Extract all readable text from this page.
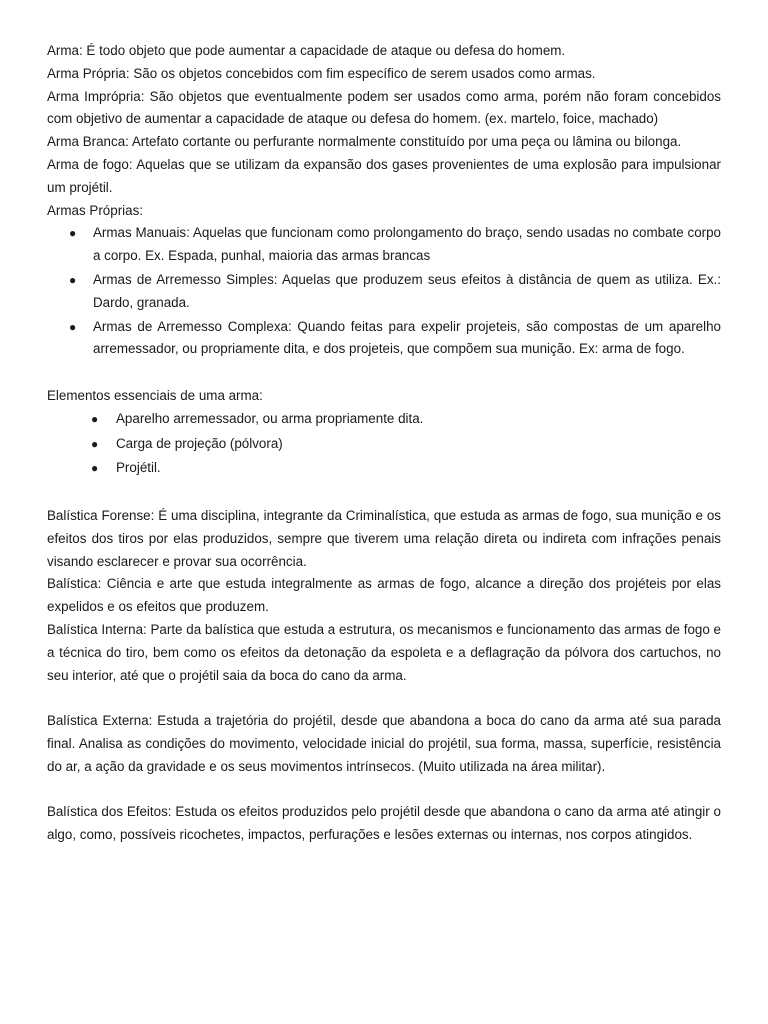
Arma: É todo objeto que pode aumentar a capacidade de ataque ou defesa do homem.

Arma Própria: São os objetos concebidos com fim específico de serem usados como armas.

Arma Imprópria: São objetos que eventualmente podem ser usados como arma, porém não foram concebidos com objetivo de aumentar a capacidade de ataque ou defesa do homem. (ex. martelo, foice, machado)

Arma Branca: Artefato cortante ou perfurante normalmente constituído por uma peça ou lâmina ou bilonga.

Arma de fogo: Aquelas que se utilizam da expansão dos gases provenientes de uma explosão para impulsionar um projétil.

Armas Próprias:

● Armas Manuais: Aquelas que funcionam como prolongamento do braço, sendo usadas no combate corpo a corpo. Ex. Espada, punhal, maioria das armas brancas
● Armas de Arremesso Simples: Aquelas que produzem seus efeitos à distância de quem as utiliza. Ex.: Dardo, granada.
● Armas de Arremesso Complexa: Quando feitas para expelir projeteis, são compostas de um aparelho arremessador, ou propriamente dita, e dos projeteis, que compõem sua munição. Ex: arma de fogo.

Elementos essenciais de uma arma:

● Aparelho arremessador, ou arma propriamente dita.
● Carga de projeção (pólvora)
● Projétil.

Balística Forense: É uma disciplina, integrante da Criminalística, que estuda as armas de fogo, sua munição e os efeitos dos tiros por elas produzidos, sempre que tiverem uma relação direta ou indireta com infrações penais visando esclarecer e provar sua ocorrência.

Balística: Ciência e arte que estuda integralmente as armas de fogo, alcance a direção dos projéteis por elas expelidos e os efeitos que produzem.

Balística Interna: Parte da balística que estuda a estrutura, os mecanismos e funcionamento das armas de fogo e a técnica do tiro, bem como os efeitos da detonação da espoleta e a deflagração da pólvora dos cartuchos, no seu interior, até que o projétil saia da boca do cano da arma.

Balística Externa: Estuda a trajetória do projétil, desde que abandona a boca do cano da arma até sua parada final. Analisa as condições do movimento, velocidade inicial do projétil, sua forma, massa, superfície, resistência do ar, a ação da gravidade e os seus movimentos intrínsecos. (Muito utilizada na área militar).

Balística dos Efeitos: Estuda os efeitos produzidos pelo projétil desde que abandona o cano da arma até atingir o algo, como, possíveis ricochetes, impactos, perfurações e lesões externas ou internas, nos corpos atingidos.
